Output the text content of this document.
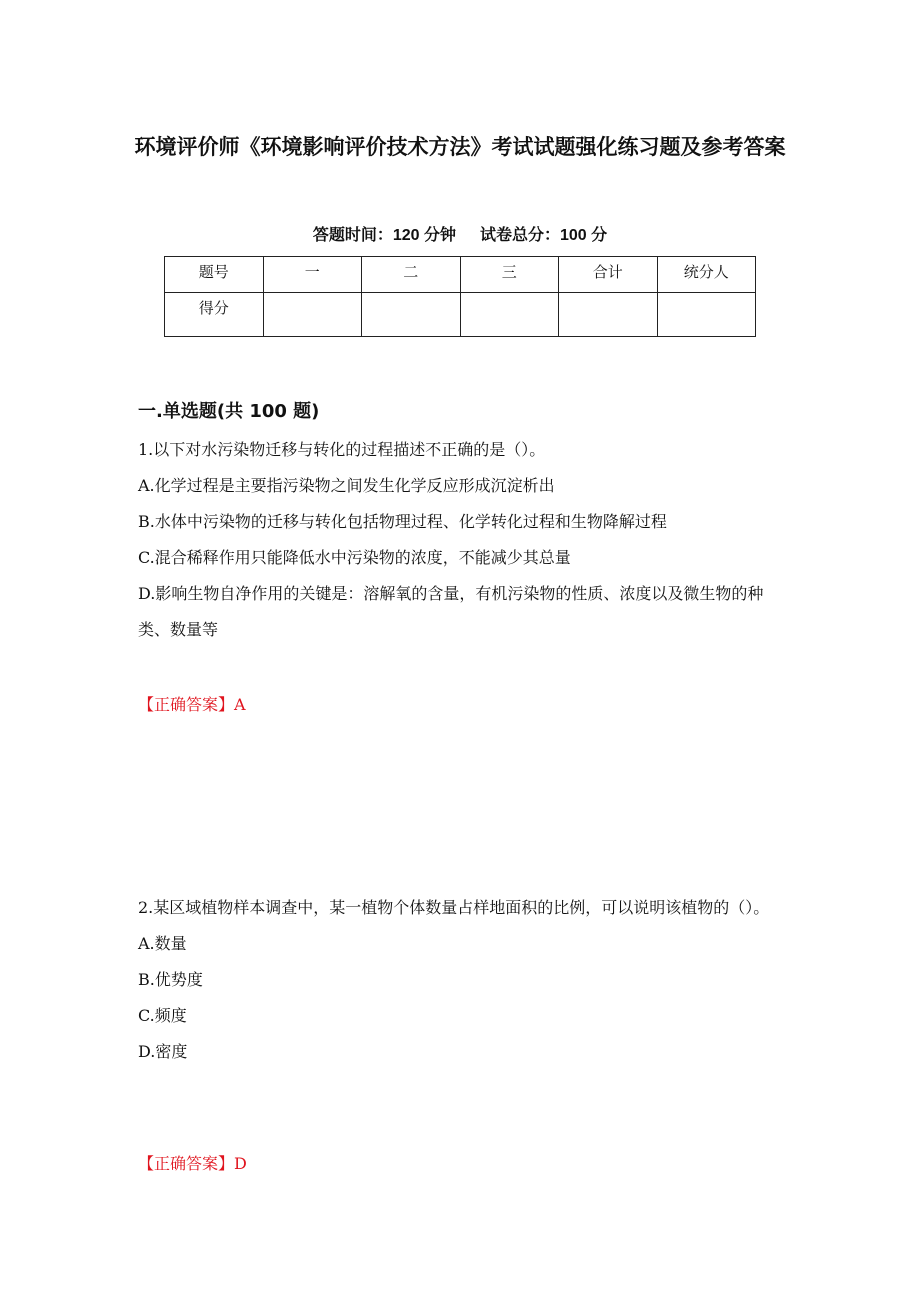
环境评价师《环境影响评价技术方法》考试试题强化练习题及参考答案
答题时间：120 分钟 试卷总分：100 分
题号	一	二	三	合计	统分人
得分					
一.单选题(共 100 题)
1.以下对水污染物迁移与转化的过程描述不正确的是（）。
A.化学过程是主要指污染物之间发生化学反应形成沉淀析出
B.水体中污染物的迁移与转化包括物理过程、化学转化过程和生物降解过程
C.混合稀释作用只能降低水中污染物的浓度，不能减少其总量
D.影响生物自净作用的关键是：溶解氧的含量，有机污染物的性质、浓度以及微生物的种类、数量等
【正确答案】A
2.某区域植物样本调查中，某一植物个体数量占样地面积的比例，可以说明该植物的（）。
A.数量
B.优势度
C.频度
D.密度
【正确答案】D
